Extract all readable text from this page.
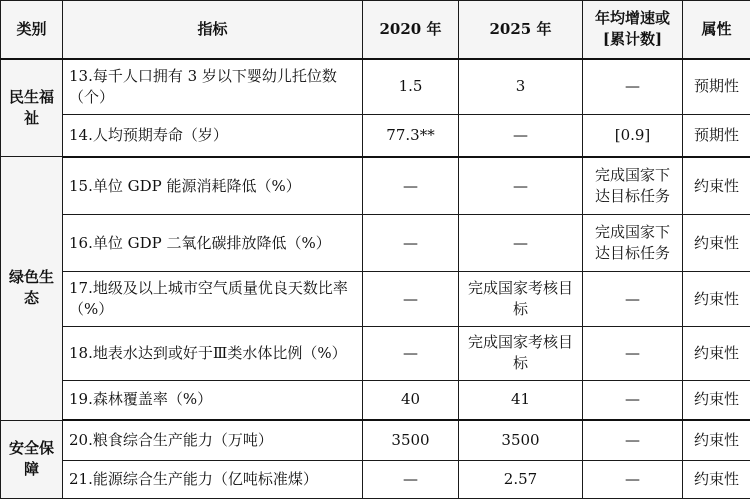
类别	指标	2020 年	2025 年	年均增速或[累计数]	属性
民生福祉	13.每千人口拥有 3 岁以下婴幼儿托位数（个）	1.5	3	—	预期性
	14.人均预期寿命（岁）	77.3**	—	[0.9]	预期性
绿色生态	15.单位 GDP 能源消耗降低（%）	—	—	完成国家下达目标任务	约束性
	16.单位 GDP 二氧化碳排放降低（%）	—	—	完成国家下达目标任务	约束性
	17.地级及以上城市空气质量优良天数比率（%）	—	完成国家考核目标	—	约束性
	18.地表水达到或好于Ⅲ类水体比例（%）	—	完成国家考核目标	—	约束性
	19.森林覆盖率（%）	40	41	—	约束性
安全保障	20.粮食综合生产能力（万吨）	3500	3500	—	约束性
	21.能源综合生产能力（亿吨标准煤）	—	2.57	—	约束性
